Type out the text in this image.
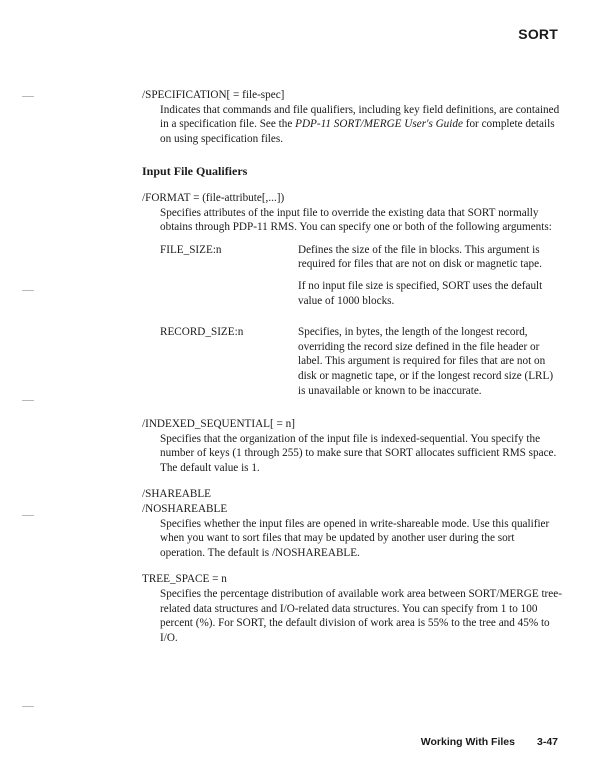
SORT

/SPECIFICATION[ = file-spec]

Indicates that commands and file qualifiers, including key field definitions, are contained in a specification file. See the PDP-11 SORT/MERGE User's Guide for complete details on using specification files.

Input File Qualifiers

/FORMAT = (file-attribute[,...])

Specifies attributes of the input file to override the existing data that SORT normally obtains through PDP-11 RMS. You can specify one or both of the following arguments:

FILE_SIZE:n	Defines the size of the file in blocks. This argument is required for files that are not on disk or magnetic tape.

If no input file size is specified, SORT uses the default value of 1000 blocks.

RECORD_SIZE:n	Specifies, in bytes, the length of the longest record, overriding the record size defined in the file header or label. This argument is required for files that are not on disk or magnetic tape, or if the longest record size (LRL) is unavailable or known to be inaccurate.

/INDEXED_SEQUENTIAL[ = n]

Specifies that the organization of the input file is indexed-sequential. You specify the number of keys (1 through 255) to make sure that SORT allocates sufficient RMS space. The default value is 1.

/SHAREABLE

/NOSHAREABLE

Specifies whether the input files are opened in write-shareable mode. Use this qualifier when you want to sort files that may be updated by another user during the sort operation. The default is /NOSHAREABLE.

TREE_SPACE = n

Specifies the percentage distribution of available work area between SORT/MERGE tree-related data structures and I/O-related data structures. You can specify from 1 to 100 percent (%). For SORT, the default division of work area is 55% to the tree and 45% to I/O.

Working With Files 3-47
